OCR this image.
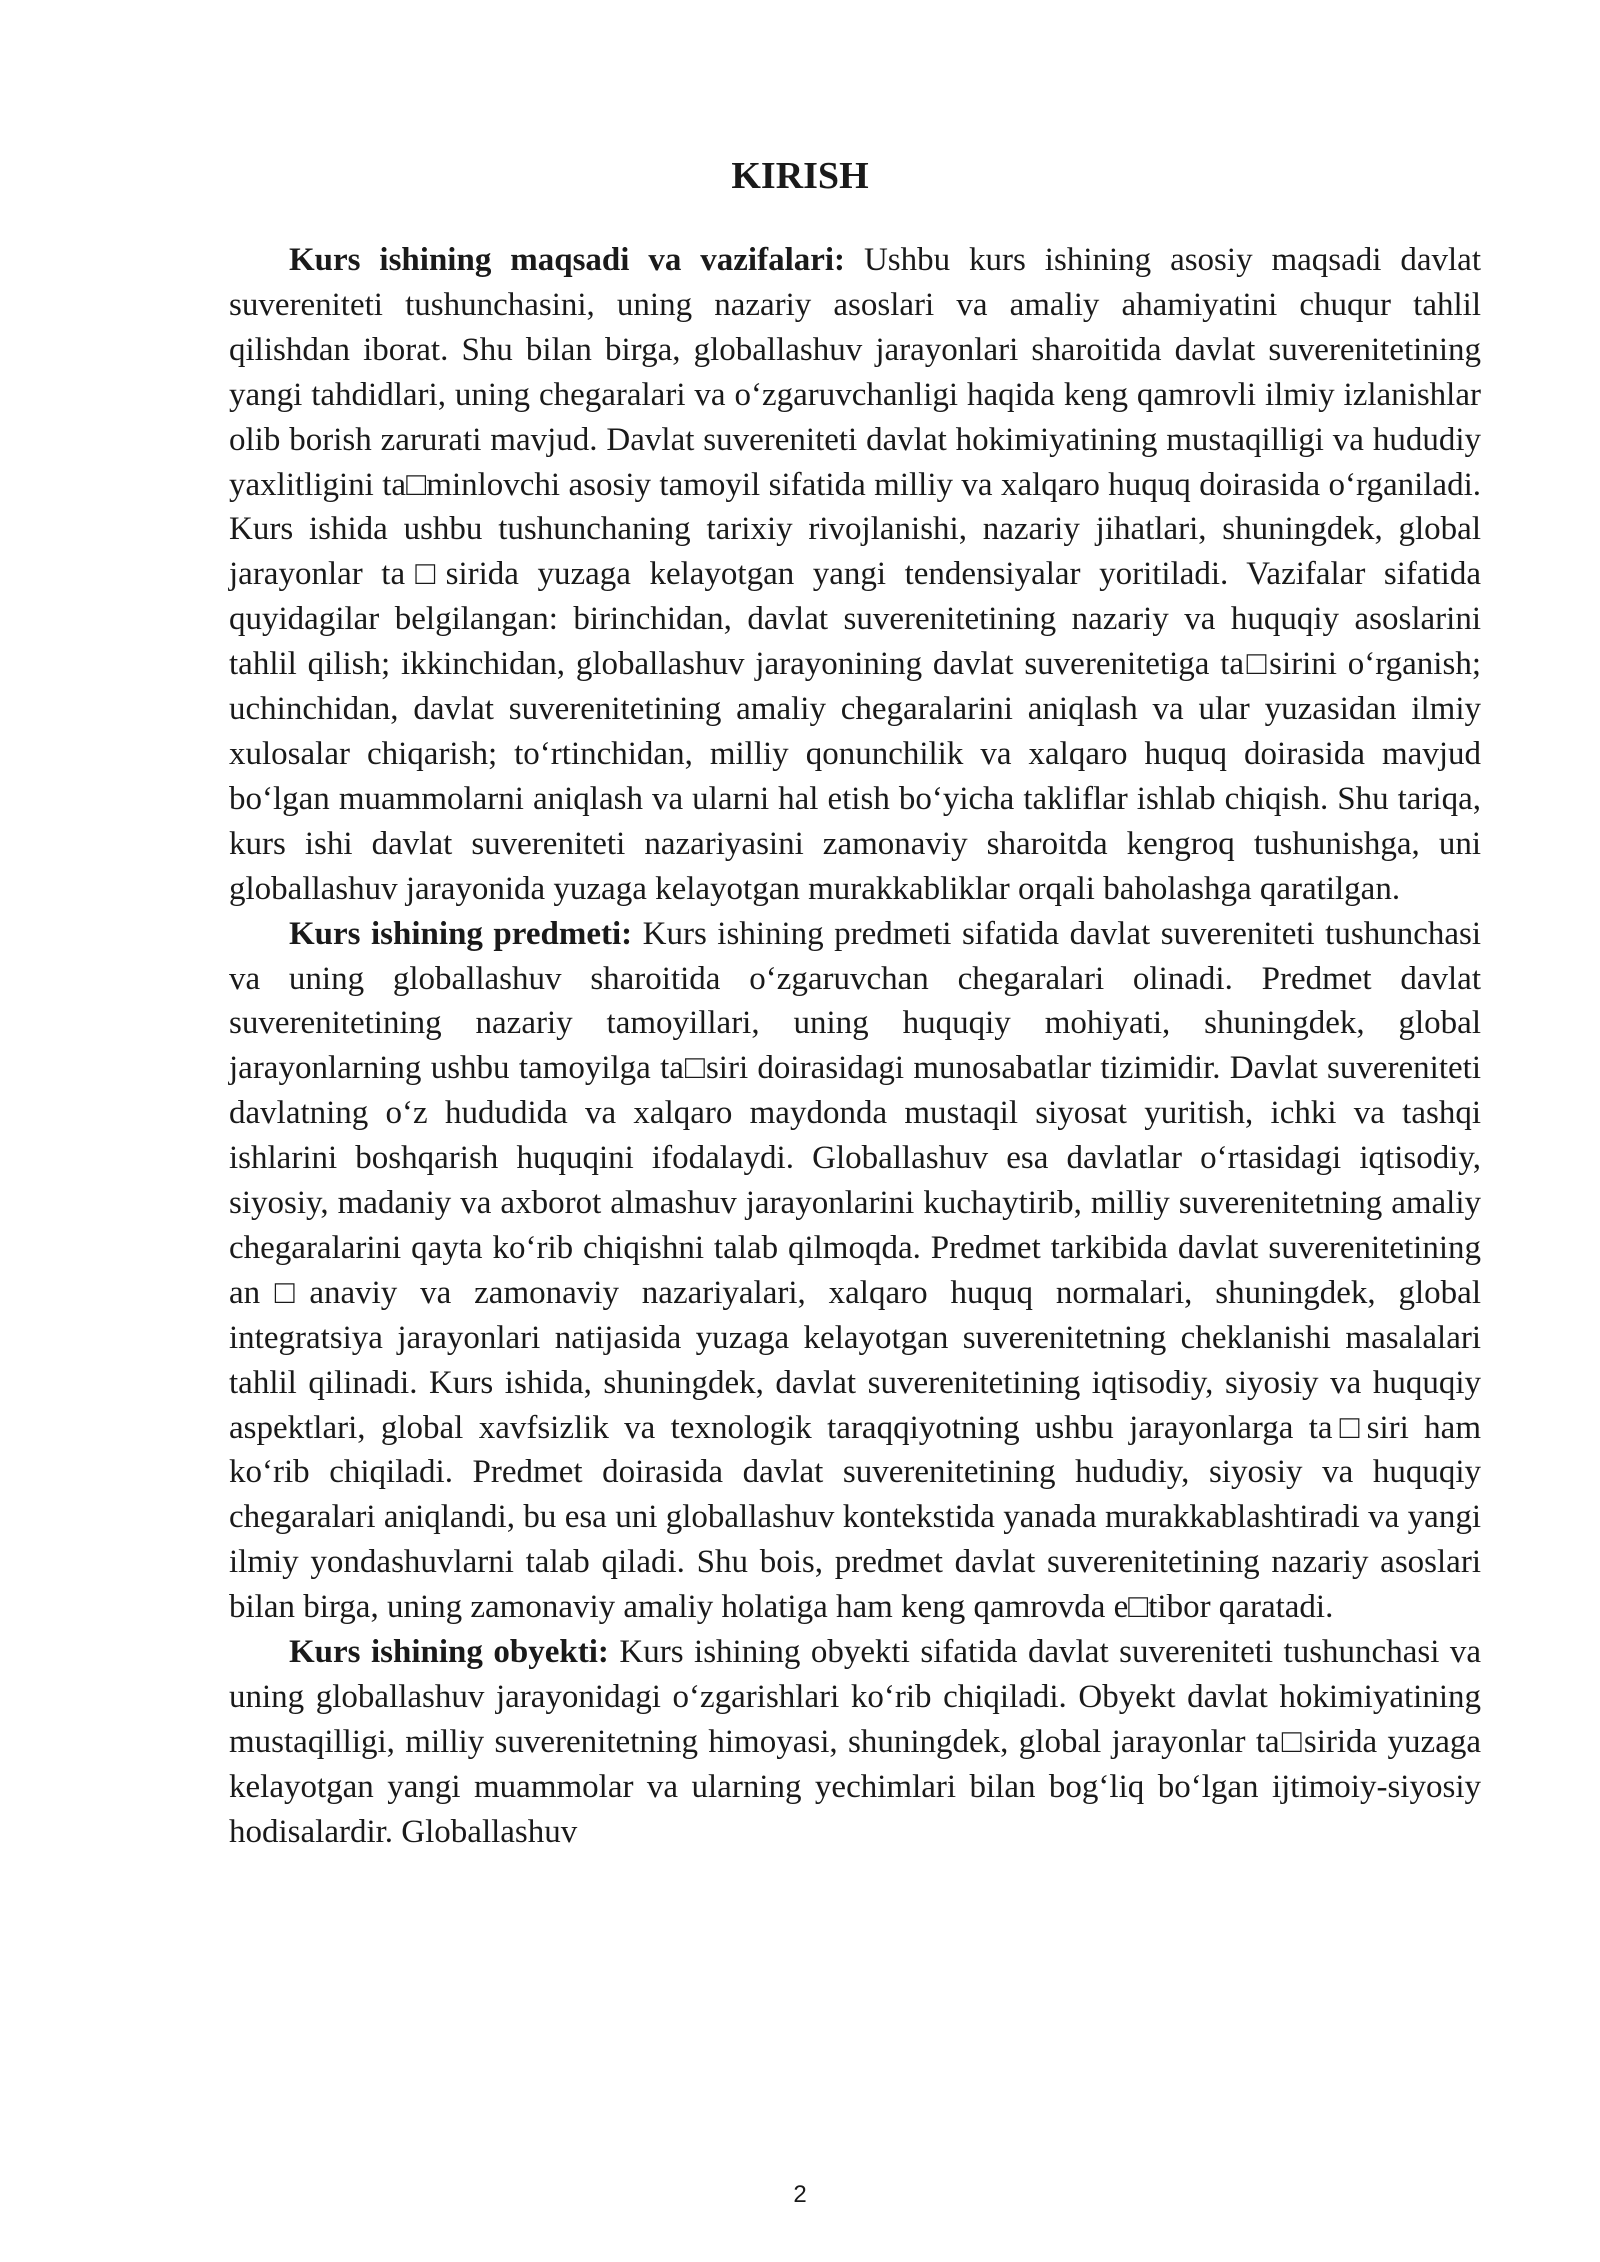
KIRISH

Kurs ishining maqsadi va vazifalari: Ushbu kurs ishining asosiy maqsadi davlat suvereniteti tushunchasini, uning nazariy asoslari va amaliy ahamiyatini chuqur tahlil qilishdan iborat. Shu bilan birga, globallashuv jarayonlari sharoitida davlat suverenitetining yangi tahdidlari, uning chegaralari va o‘zgaruvchanligi haqida keng qamrovli ilmiy izlanishlar olib borish zarurati mavjud. Davlat suvereniteti davlat hokimiyatining mustaqilligi va hududiy yaxlitligini ta□minlovchi asosiy tamoyil sifatida milliy va xalqaro huquq doirasida o‘rganiladi. Kurs ishida ushbu tushunchaning tarixiy rivojlanishi, nazariy jihatlari, shuningdek, global jarayonlar ta□sirida yuzaga kelayotgan yangi tendensiyalar yoritiladi. Vazifalar sifatida quyidagilar belgilangan: birinchidan, davlat suverenitetining nazariy va huquqiy asoslarini tahlil qilish; ikkinchidan, globallashuv jarayonining davlat suverenitetiga ta□sirini o‘rganish; uchinchidan, davlat suverenitetining amaliy chegaralarini aniqlash va ular yuzasidan ilmiy xulosalar chiqarish; to‘rtinchidan, milliy qonunchilik va xalqaro huquq doirasida mavjud bo‘lgan muammolarni aniqlash va ularni hal etish bo‘yicha takliflar ishlab chiqish. Shu tariqa, kurs ishi davlat suvereniteti nazariyasini zamonaviy sharoitda kengroq tushunishga, uni globallashuv jarayonida yuzaga kelayotgan murakkabliklar orqali baholashga qaratilgan.

Kurs ishining predmeti: Kurs ishining predmeti sifatida davlat suvereniteti tushunchasi va uning globallashuv sharoitida o‘zgaruvchan chegaralari olinadi. Predmet davlat suverenitetining nazariy tamoyillari, uning huquqiy mohiyati, shuningdek, global jarayonlarning ushbu tamoyilga ta□siri doirasidagi munosabatlar tizimidir. Davlat suvereniteti davlatning o‘z hududida va xalqaro maydonda mustaqil siyosat yuritish, ichki va tashqi ishlarini boshqarish huquqini ifodalaydi. Globallashuv esa davlatlar o‘rtasidagi iqtisodiy, siyosiy, madaniy va axborot almashuv jarayonlarini kuchaytirib, milliy suverenitetning amaliy chegaralarini qayta ko‘rib chiqishni talab qilmoqda. Predmet tarkibida davlat suverenitetining an□anaviy va zamonaviy nazariyalari, xalqaro huquq normalari, shuningdek, global integratsiya jarayonlari natijasida yuzaga kelayotgan suverenitetning cheklanishi masalalari tahlil qilinadi. Kurs ishida, shuningdek, davlat suverenitetining iqtisodiy, siyosiy va huquqiy aspektlari, global xavfsizlik va texnologik taraqqiyotning ushbu jarayonlarga ta□siri ham ko‘rib chiqiladi. Predmet doirasida davlat suverenitetining hududiy, siyosiy va huquqiy chegaralari aniqlandi, bu esa uni globallashuv kontekstida yanada murakkablashtiradi va yangi ilmiy yondashuvlarni talab qiladi. Shu bois, predmet davlat suverenitetining nazariy asoslari bilan birga, uning zamonaviy amaliy holatiga ham keng qamrovda e□tibor qaratadi.

Kurs ishining obyekti: Kurs ishining obyekti sifatida davlat suvereniteti tushunchasi va uning globallashuv jarayonidagi o‘zgarishlari ko‘rib chiqiladi. Obyekt davlat hokimiyatining mustaqilligi, milliy suverenitetning himoyasi, shuningdek, global jarayonlar ta□sirida yuzaga kelayotgan yangi muammolar va ularning yechimlari bilan bog‘liq bo‘lgan ijtimoiy-siyosiy hodisalardir. Globallashuv

2
